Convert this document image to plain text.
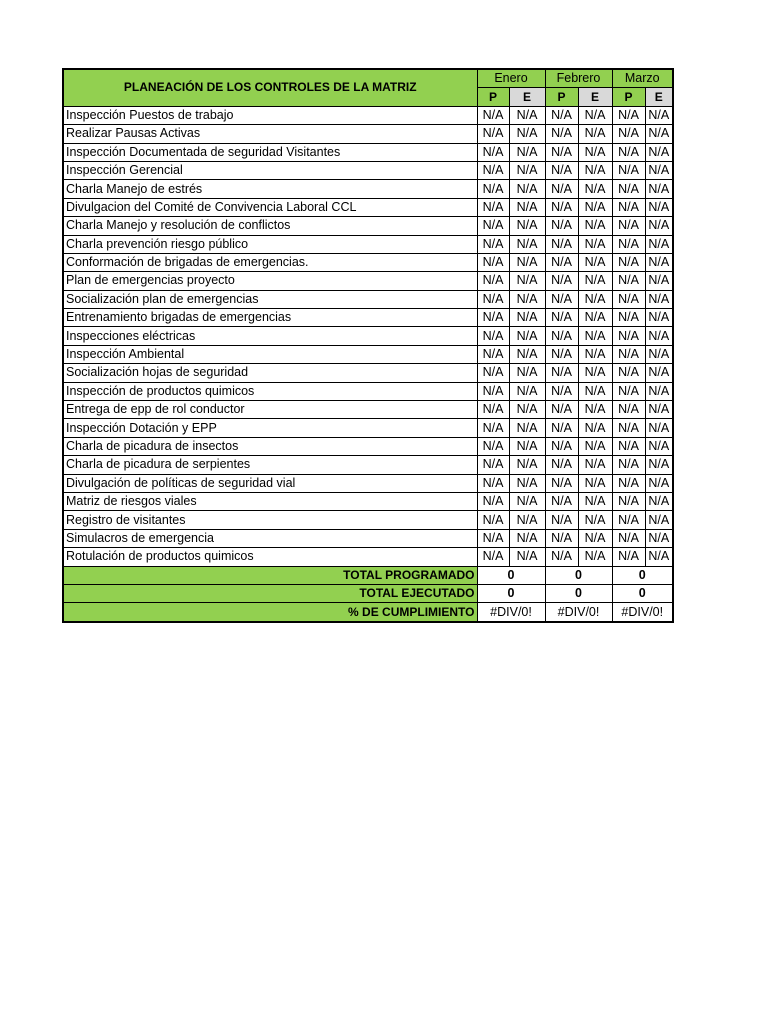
PLANEACIÓN DE LOS CONTROLES DE LA MATRIZ	Enero		Febrero		Marzo	
	P	E	P	E	P	E
Inspección Puestos de trabajo	N/A	N/A	N/A	N/A	N/A	N/A
Realizar Pausas Activas	N/A	N/A	N/A	N/A	N/A	N/A
Inspección Documentada de seguridad Visitantes	N/A	N/A	N/A	N/A	N/A	N/A
Inspección Gerencial	N/A	N/A	N/A	N/A	N/A	N/A
Charla Manejo de estrés	N/A	N/A	N/A	N/A	N/A	N/A
Divulgacion del Comité de Convivencia Laboral CCL	N/A	N/A	N/A	N/A	N/A	N/A
Charla Manejo y resolución de conflictos	N/A	N/A	N/A	N/A	N/A	N/A
Charla prevención riesgo público	N/A	N/A	N/A	N/A	N/A	N/A
Conformación de brigadas de emergencias.	N/A	N/A	N/A	N/A	N/A	N/A
Plan de emergencias proyecto	N/A	N/A	N/A	N/A	N/A	N/A
Socialización plan de emergencias	N/A	N/A	N/A	N/A	N/A	N/A
Entrenamiento brigadas de emergencias	N/A	N/A	N/A	N/A	N/A	N/A
Inspecciones eléctricas	N/A	N/A	N/A	N/A	N/A	N/A
Inspección Ambiental	N/A	N/A	N/A	N/A	N/A	N/A
Socialización hojas de seguridad	N/A	N/A	N/A	N/A	N/A	N/A
Inspección de productos quimicos	N/A	N/A	N/A	N/A	N/A	N/A
Entrega de epp de rol conductor	N/A	N/A	N/A	N/A	N/A	N/A
Inspección Dotación y EPP	N/A	N/A	N/A	N/A	N/A	N/A
Charla de picadura de insectos	N/A	N/A	N/A	N/A	N/A	N/A
Charla de picadura de serpientes	N/A	N/A	N/A	N/A	N/A	N/A
Divulgación de políticas de seguridad vial	N/A	N/A	N/A	N/A	N/A	N/A
Matriz de riesgos viales	N/A	N/A	N/A	N/A	N/A	N/A
Registro de visitantes	N/A	N/A	N/A	N/A	N/A	N/A
Simulacros de emergencia	N/A	N/A	N/A	N/A	N/A	N/A
Rotulación de productos quimicos	N/A	N/A	N/A	N/A	N/A	N/A
TOTAL PROGRAMADO	0		0		0	
TOTAL EJECUTADO	0		0		0	
% DE CUMPLIMIENTO	#DIV/0!		#DIV/0!		#DIV/0!	
